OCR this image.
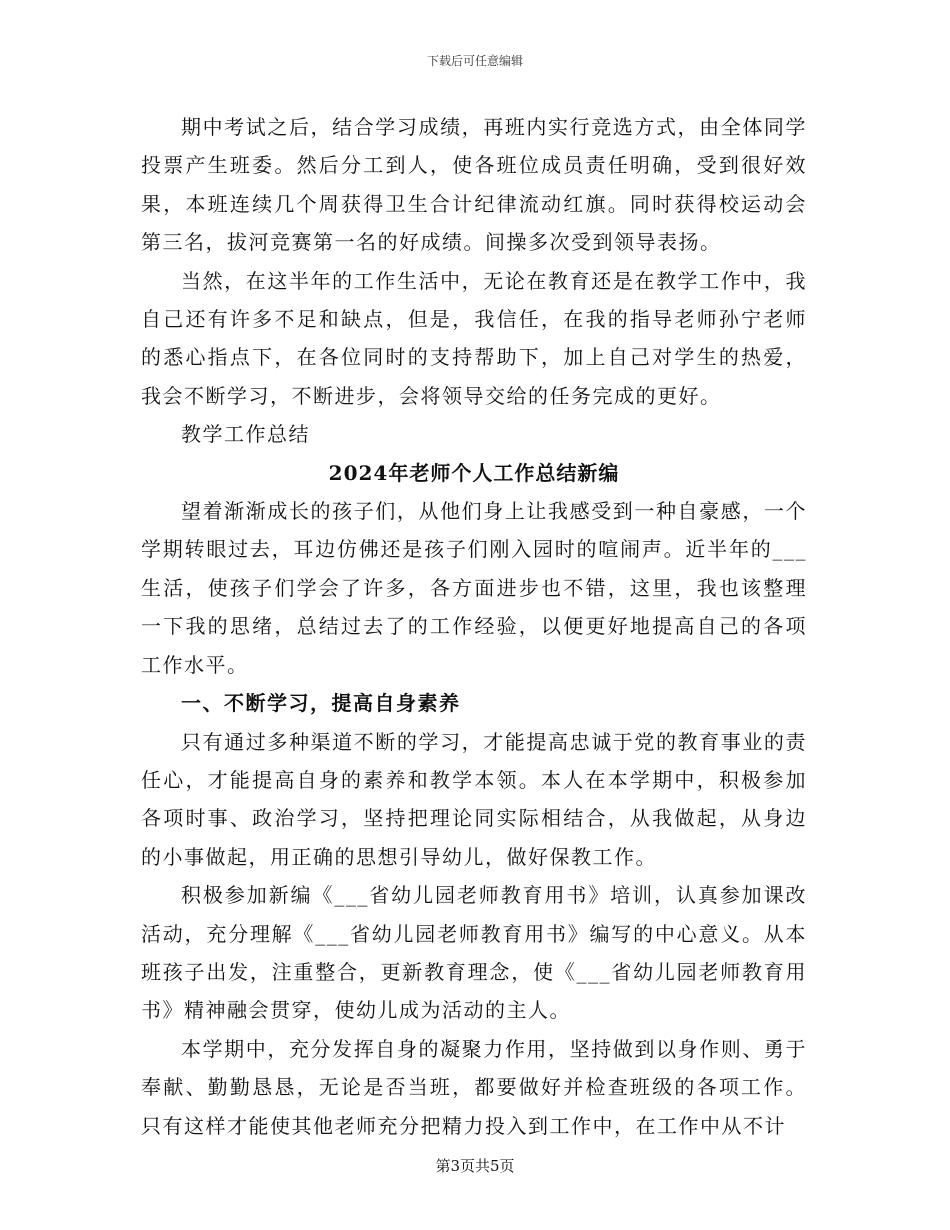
下载后可任意编辑

期中考试之后，结合学习成绩，再班内实行竞选方式，由全体同学投票产生班委。然后分工到人，使各班位成员责任明确，受到很好效果，本班连续几个周获得卫生合计纪律流动红旗。同时获得校运动会第三名，拔河竞赛第一名的好成绩。间操多次受到领导表扬。

当然，在这半年的工作生活中，无论在教育还是在教学工作中，我自己还有许多不足和缺点，但是，我信任，在我的指导老师孙宁老师的悉心指点下，在各位同时的支持帮助下，加上自己对学生的热爱，我会不断学习，不断进步，会将领导交给的任务完成的更好。

教学工作总结

2024年老师个人工作总结新编

望着渐渐成长的孩子们，从他们身上让我感受到一种自豪感，一个学期转眼过去，耳边仿佛还是孩子们刚入园时的喧闹声。近半年的___生活，使孩子们学会了许多，各方面进步也不错，这里，我也该整理一下我的思绪，总结过去了的工作经验，以便更好地提高自己的各项工作水平。

一、不断学习，提高自身素养

只有通过多种渠道不断的学习，才能提高忠诚于党的教育事业的责任心，才能提高自身的素养和教学本领。本人在本学期中，积极参加各项时事、政治学习，坚持把理论同实际相结合，从我做起，从身边的小事做起，用正确的思想引导幼儿，做好保教工作。

积极参加新编《___省幼儿园老师教育用书》培训，认真参加课改活动，充分理解《___省幼儿园老师教育用书》编写的中心意义。从本班孩子出发，注重整合，更新教育理念，使《___省幼儿园老师教育用书》精神融会贯穿，使幼儿成为活动的主人。

本学期中，充分发挥自身的凝聚力作用，坚持做到以身作则、勇于奉献、勤勤恳恳，无论是否当班，都要做好并检查班级的各项工作。只有这样才能使其他老师充分把精力投入到工作中，在工作中从不计

第3页共5页
